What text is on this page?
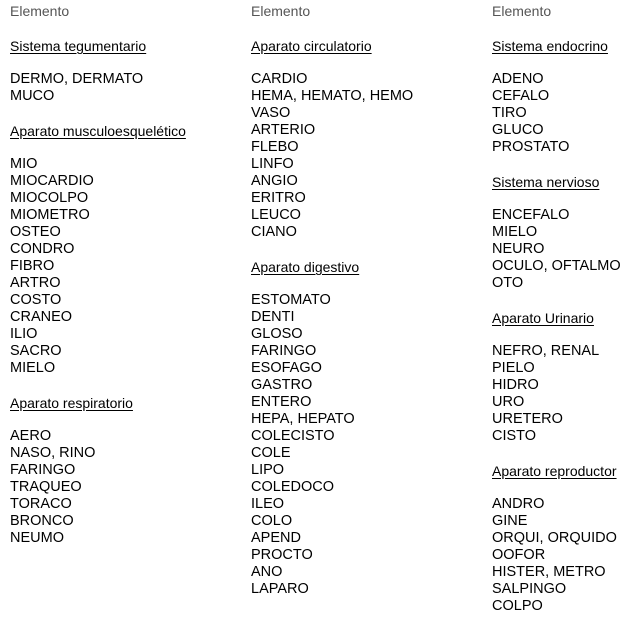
Elemento
Sistema tegumentario
DERMO, DERMATO
MUCO
Aparato musculoesquelético
MIO
MIOCARDIO
MIOCOLPO
MIOMETRO
OSTEO
CONDRO
FIBRO
ARTRO
COSTO
CRANEO
ILIO
SACRO
MIELO
Aparato respiratorio
AERO
NASO, RINO
FARINGO
TRAQUEO
TORACO
BRONCO
NEUMO
Elemento
Aparato circulatorio
CARDIO
HEMA, HEMATO, HEMO
VASO
ARTERIO
FLEBO
LINFO
ANGIO
ERITRO
LEUCO
CIANO
Aparato digestivo
ESTOMATO
DENTI
GLOSO
FARINGO
ESOFAGO
GASTRO
ENTERO
HEPA, HEPATO
COLECISTO
COLE
LIPO
COLEDOCO
ILEO
COLO
APEND
PROCTO
ANO
LAPARO
Elemento
Sistema endocrino
ADENO
CEFALO
TIRO
GLUCO
PROSTATO
Sistema nervioso
ENCEFALO
MIELO
NEURO
OCULO, OFTALMO
OTO
Aparato Urinario
NEFRO, RENAL
PIELO
HIDRO
URO
URETERO
CISTO
Aparato reproductor
ANDRO
GINE
ORQUI, ORQUIDO
OOFOR
HISTER, METRO
SALPINGO
COLPO
